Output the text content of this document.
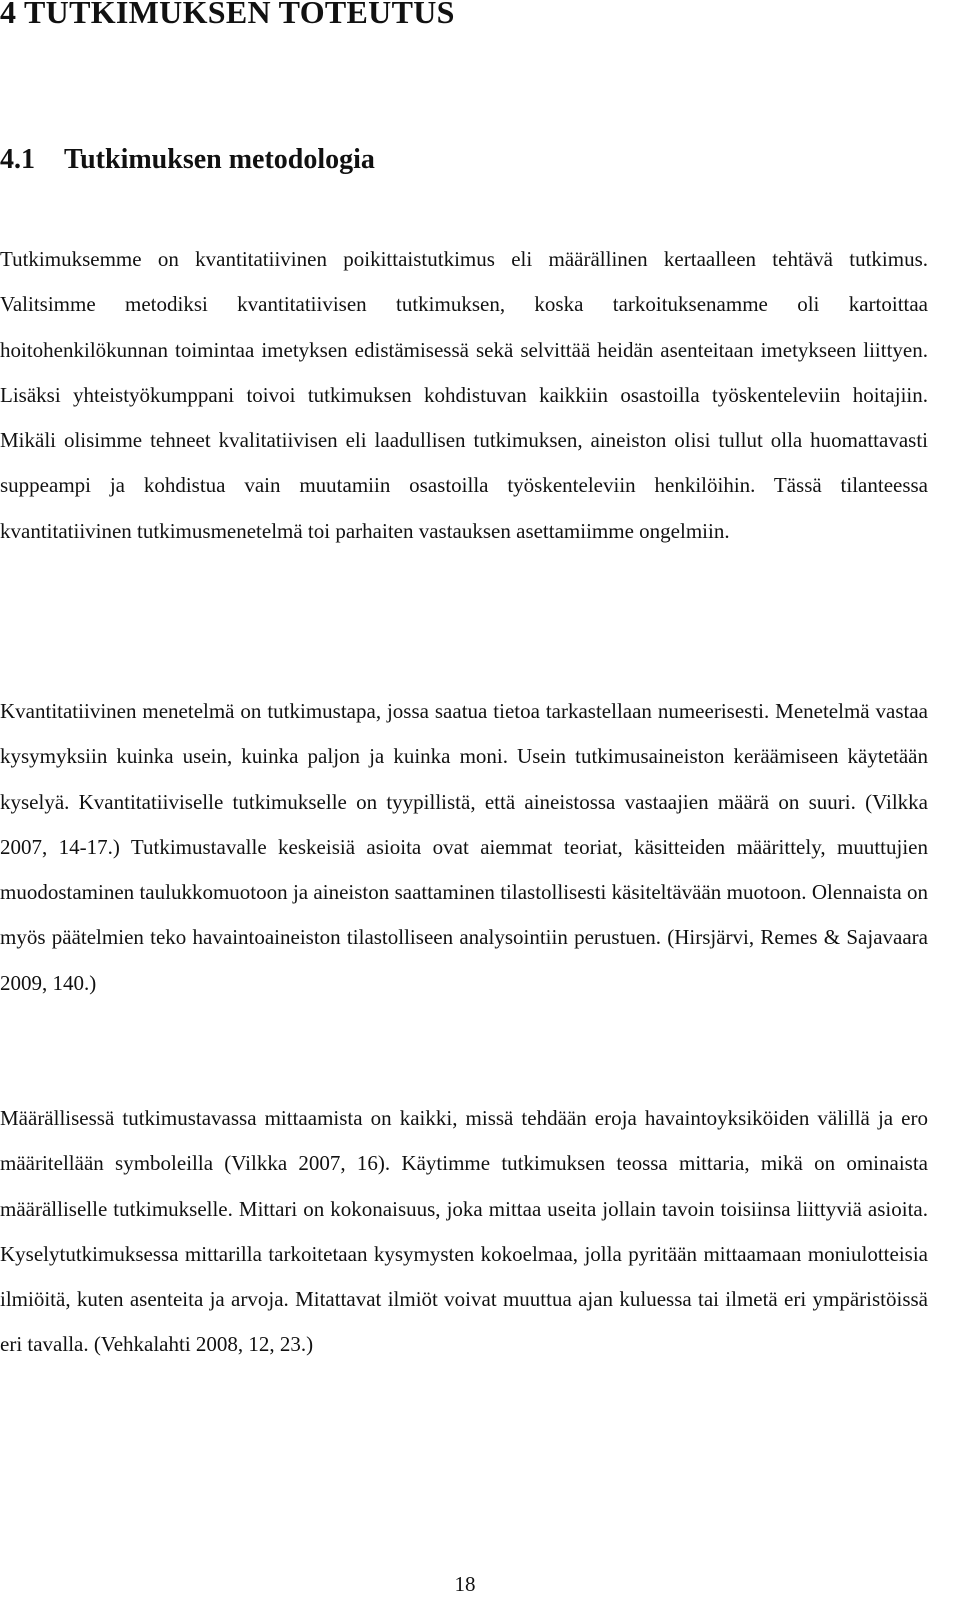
4 TUTKIMUKSEN TOTEUTUS
4.1 Tutkimuksen metodologia

Tutkimuksemme on kvantitatiivinen poikittaistutkimus eli määrällinen kertaalleen tehtävä tutkimus. Valitsimme metodiksi kvantitatiivisen tutkimuksen, koska tarkoituksenamme oli kartoittaa hoitohenkilökunnan toimintaa imetyksen edistämisessä sekä selvittää heidän asenteitaan imetykseen liittyen. Lisäksi yhteistyökumppani toivoi tutkimuksen kohdistuvan kaikkiin osastoilla työskenteleviin hoitajiin. Mikäli olisimme tehneet kvalitatiivisen eli laadullisen tutkimuksen, aineiston olisi tullut olla huomattavasti suppeampi ja kohdistua vain muutamiin osastoilla työskenteleviin henkilöihin. Tässä tilanteessa kvantitatiivinen tutkimusmenetelmä toi parhaiten vastauksen asettamiimme ongelmiin.

Kvantitatiivinen menetelmä on tutkimustapa, jossa saatua tietoa tarkastellaan numeerisesti. Menetelmä vastaa kysymyksiin kuinka usein, kuinka paljon ja kuinka moni. Usein tutkimusaineiston keräämiseen käytetään kyselyä. Kvantitatiiviselle tutkimukselle on tyypillistä, että aineistossa vastaajien määrä on suuri. (Vilkka 2007, 14-17.) Tutkimustavalle keskeisiä asioita ovat aiemmat teoriat, käsitteiden määrittely, muuttujien muodostaminen taulukkomuotoon ja aineiston saattaminen tilastollisesti käsiteltävään muotoon. Olennaista on myös päätelmien teko havaintoaineiston tilastolliseen analysointiin perustuen. (Hirsjärvi, Remes & Sajavaara 2009, 140.)

Määrällisessä tutkimustavassa mittaamista on kaikki, missä tehdään eroja havaintoyksiköiden välillä ja ero määritellään symboleilla (Vilkka 2007, 16). Käytimme tutkimuksen teossa mittaria, mikä on ominaista määrälliselle tutkimukselle. Mittari on kokonaisuus, joka mittaa useita jollain tavoin toisiinsa liittyviä asioita. Kyselytutkimuksessa mittarilla tarkoitetaan kysymysten kokoelmaa, jolla pyritään mittaamaan moniulotteisia ilmiöitä, kuten asenteita ja arvoja. Mitattavat ilmiöt voivat muuttua ajan kuluessa tai ilmetä eri ympäristöissä eri tavalla. (Vehkalahti 2008, 12, 23.)

18
